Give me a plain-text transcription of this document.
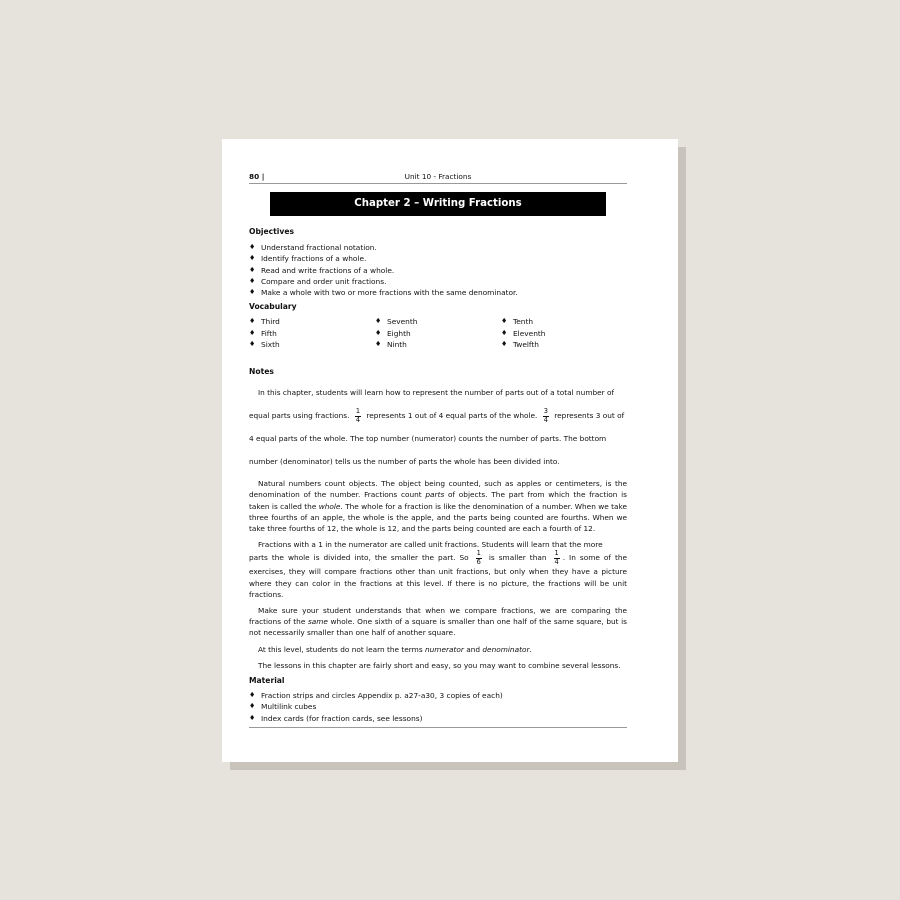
80 |	Unit 10 - Fractions
Chapter 2 – Writing Fractions
Objectives
♦ Understand fractional notation.
♦ Identify fractions of a whole.
♦ Read and write fractions of a whole.
♦ Compare and order unit fractions.
♦ Make a whole with two or more fractions with the same denominator.
Vocabulary
♦ Third
♦ Fifth
♦ Sixth
♦ Seventh
♦ Eighth
♦ Ninth
♦ Tenth
♦ Eleventh
♦ Twelfth
Notes

In this chapter, students will learn how to represent the number of parts out of a total number of
equal parts using fractions. $\frac{1}{4}$ represents 1 out of 4 equal parts of the whole. $\frac{3}{4}$ represents 3 out of
4 equal parts of the whole. The top number (numerator) counts the number of parts. The bottom
number (denominator) tells us the number of parts the whole has been divided into.

Natural numbers count objects. The object being counted, such as apples or centimeters, is the denomination of the number. Fractions count parts of objects. The part from which the fraction is taken is called the whole. The whole for a fraction is like the denomination of a number. When we take three fourths of an apple, the whole is the apple, and the parts being counted are fourths. When we take three fourths of 12, the whole is 12, and the parts being counted are each a fourth of 12.

Fractions with a 1 in the numerator are called unit fractions. Students will learn that the more
parts the whole is divided into, the smaller the part. So $\frac{1}{6}$ is smaller than $\frac{1}{4}$ . In some of the exercises, they will compare fractions other than unit fractions, but only when they have a picture where they can color in the fractions at this level. If there is no picture, the fractions will be unit fractions.

Make sure your student understands that when we compare fractions, we are comparing the fractions of the same whole. One sixth of a square is smaller than one half of the same square, but is not necessarily smaller than one half of another square.

At this level, students do not learn the terms numerator and denominator.

The lessons in this chapter are fairly short and easy, so you may want to combine several lessons.

Material
♦ Fraction strips and circles Appendix p. a27-a30, 3 copies of each)
♦ Multilink cubes
♦ Index cards (for fraction cards, see lessons)
